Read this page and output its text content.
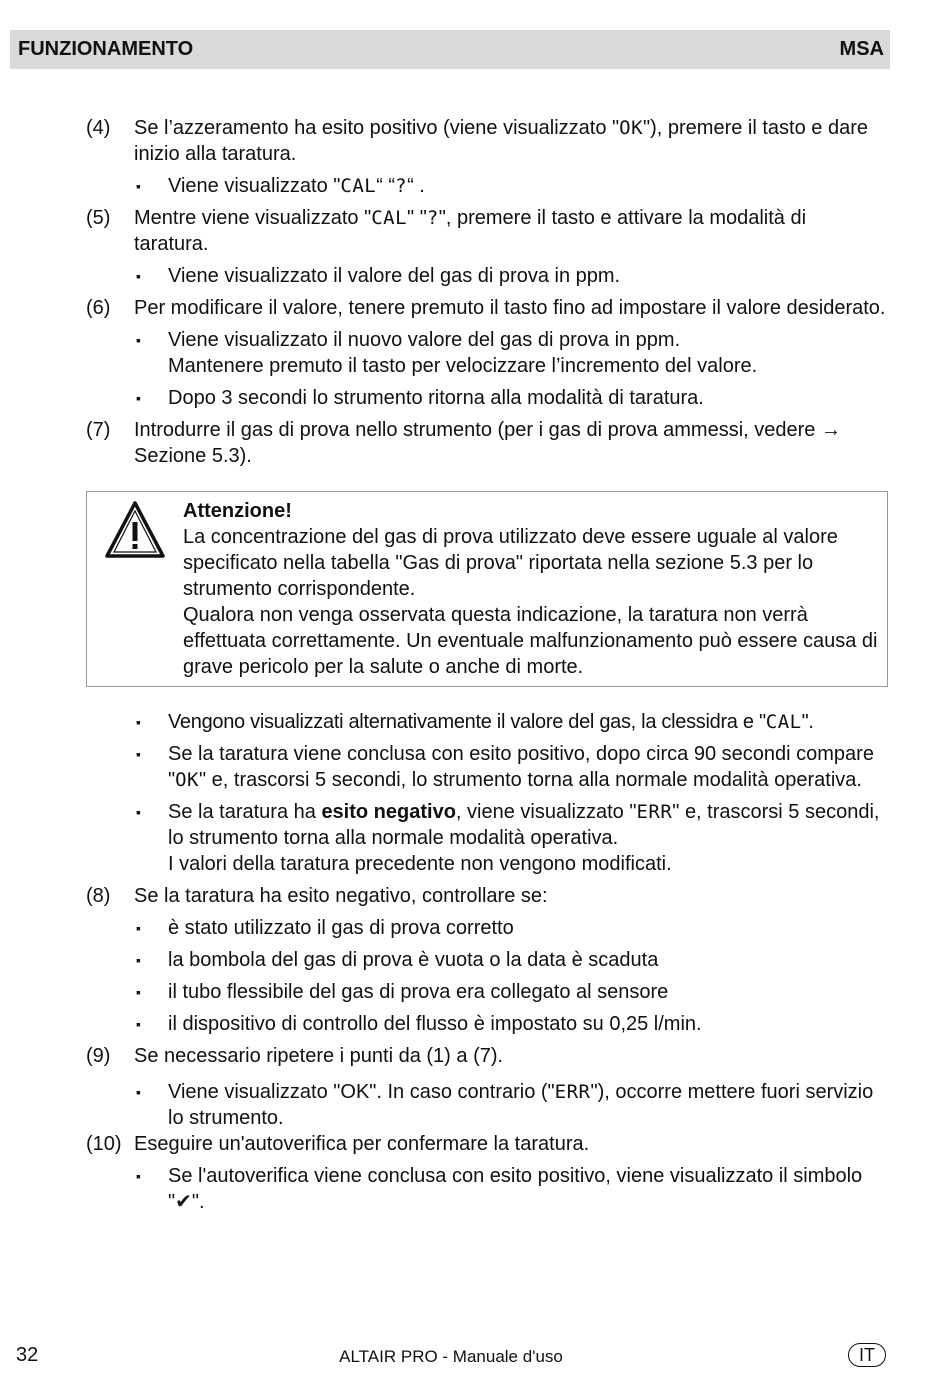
FUNZIONAMENTO	MSA
(4)	Se l’azzeramento ha esito positivo (viene visualizzato "OK"), premere il tasto e dare inizio alla taratura.
▪	Viene visualizzato "CAL“ “?“ .
(5)	Mentre viene visualizzato "CAL" "?", premere il tasto e attivare la modalità di taratura.
▪	Viene visualizzato il valore del gas di prova in ppm.
(6)	Per modificare il valore, tenere premuto il tasto fino ad impostare il valore desiderato.
▪	Viene visualizzato il nuovo valore del gas di prova in ppm.
Mantenere premuto il tasto per velocizzare l’incremento del valore.
▪	Dopo 3 secondi lo strumento ritorna alla modalità di taratura.
(7)	Introdurre il gas di prova nello strumento (per i gas di prova ammessi, vedere → Sezione 5.3).

Attenzione!

La concentrazione del gas di prova utilizzato deve essere uguale al valore specificato nella tabella "Gas di prova" riportata nella sezione 5.3 per lo strumento corrispondente.

Qualora non venga osservata questa indicazione, la taratura non verrà effettuata correttamente. Un eventuale malfunzionamento può essere causa di grave pericolo per la salute o anche di morte.

▪	Vengono visualizzati alternativamente il valore del gas, la clessidra e "CAL".
▪	Se la taratura viene conclusa con esito positivo, dopo circa 90 secondi compare "OK" e, trascorsi 5 secondi, lo strumento torna alla normale modalità operativa.
▪	Se la taratura ha esito negativo, viene visualizzato "ERR" e, trascorsi 5 secondi, lo strumento torna alla normale modalità operativa.
I valori della taratura precedente non vengono modificati.
(8)	Se la taratura ha esito negativo, controllare se:
▪	è stato utilizzato il gas di prova corretto
▪	la bombola del gas di prova è vuota o la data è scaduta
▪	il tubo flessibile del gas di prova era collegato al sensore
▪	il dispositivo di controllo del flusso è impostato su 0,25 l/min.
(9)	Se necessario ripetere i punti da (1) a (7).
▪	Viene visualizzato "OK". In caso contrario ("ERR"), occorre mettere fuori servizio lo strumento.
(10) Eseguire un'autoverifica per confermare la taratura.
▪	Se l'autoverifica viene conclusa con esito positivo, viene visualizzato il simbolo "✔".
32	ALTAIR PRO - Manuale d'uso	IT
